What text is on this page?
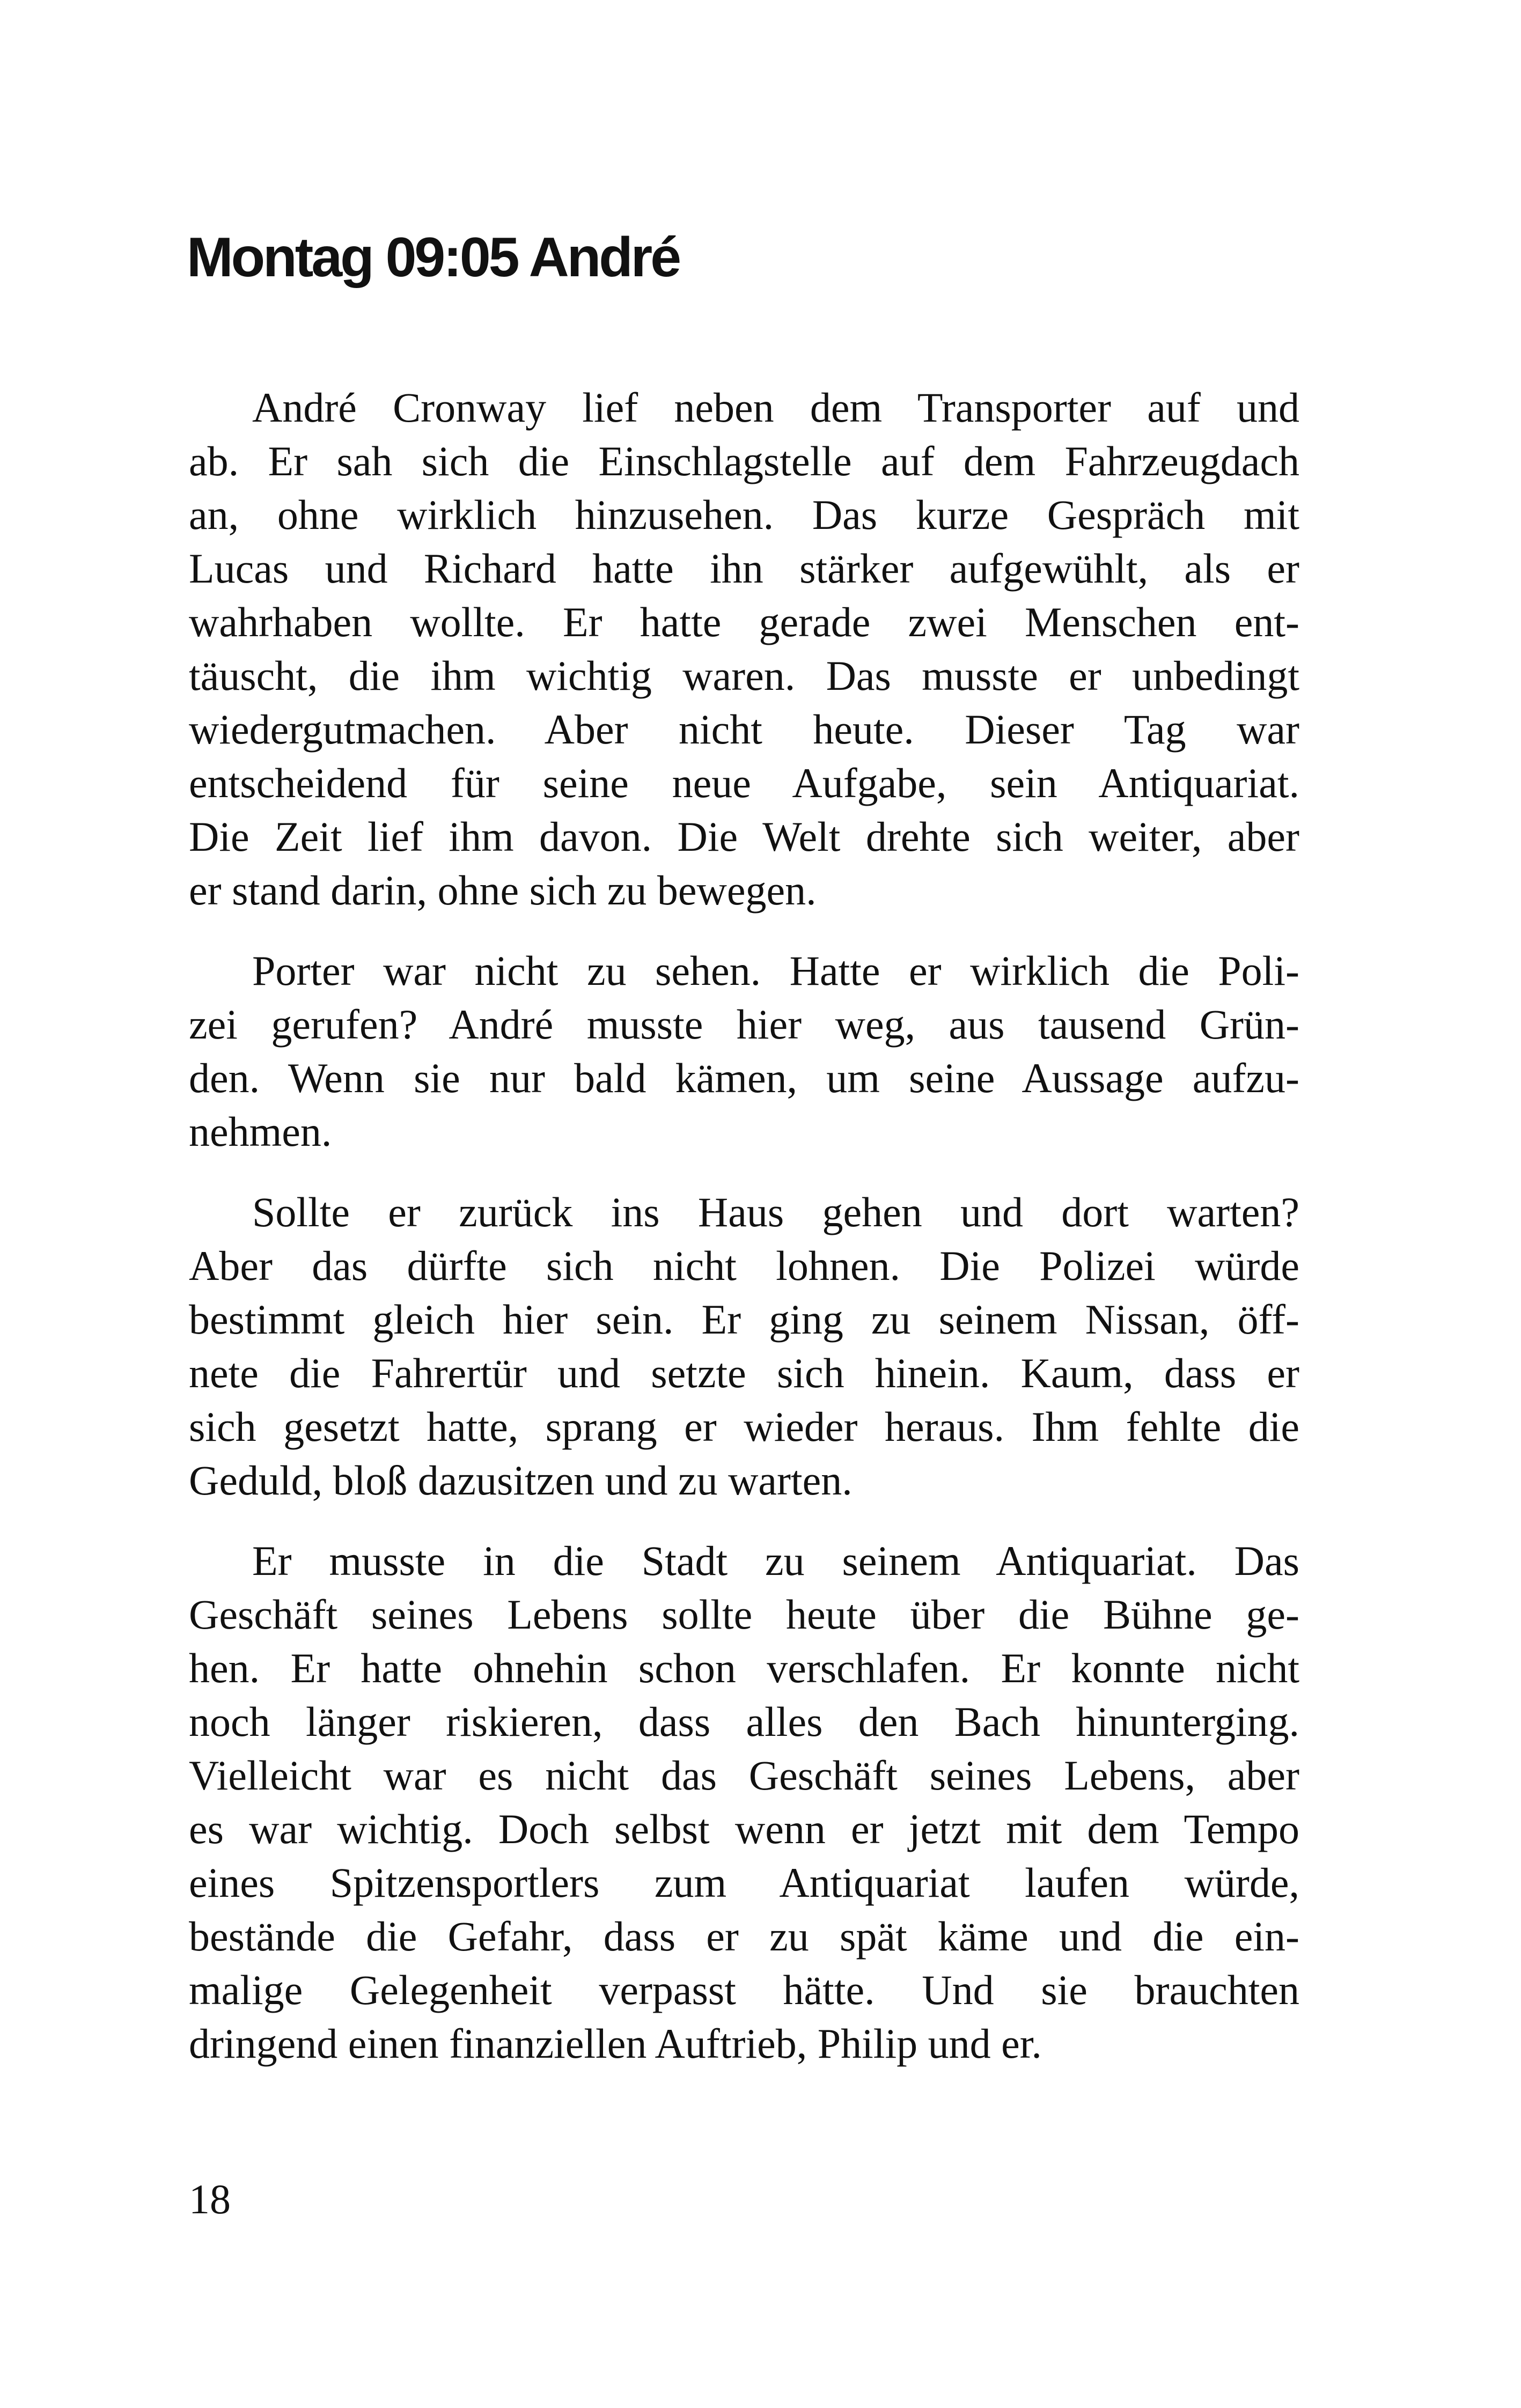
Montag 09:05 André
André Cronway lief neben dem Transporter auf und
ab. Er sah sich die Einschlagstelle auf dem Fahrzeugdach
an, ohne wirklich hinzusehen. Das kurze Gespräch mit
Lucas und Richard hatte ihn stärker aufgewühlt, als er
wahrhaben wollte. Er hatte gerade zwei Menschen ent-
täuscht, die ihm wichtig waren. Das musste er unbedingt
wiedergutmachen. Aber nicht heute. Dieser Tag war
entscheidend für seine neue Aufgabe, sein Antiquariat.
Die Zeit lief ihm davon. Die Welt drehte sich weiter, aber
er stand darin, ohne sich zu bewegen.
Porter war nicht zu sehen. Hatte er wirklich die Poli-
zei gerufen? André musste hier weg, aus tausend Grün-
den. Wenn sie nur bald kämen, um seine Aussage aufzu-
nehmen.
Sollte er zurück ins Haus gehen und dort warten?
Aber das dürfte sich nicht lohnen. Die Polizei würde
bestimmt gleich hier sein. Er ging zu seinem Nissan, öff-
nete die Fahrertür und setzte sich hinein. Kaum, dass er
sich gesetzt hatte, sprang er wieder heraus. Ihm fehlte die
Geduld, bloß dazusitzen und zu warten.
Er musste in die Stadt zu seinem Antiquariat. Das
Geschäft seines Lebens sollte heute über die Bühne ge-
hen. Er hatte ohnehin schon verschlafen. Er konnte nicht
noch länger riskieren, dass alles den Bach hinunterging.
Vielleicht war es nicht das Geschäft seines Lebens, aber
es war wichtig. Doch selbst wenn er jetzt mit dem Tempo
eines Spitzensportlers zum Antiquariat laufen würde,
bestände die Gefahr, dass er zu spät käme und die ein-
malige Gelegenheit verpasst hätte. Und sie brauchten
dringend einen finanziellen Auftrieb, Philip und er.
18
